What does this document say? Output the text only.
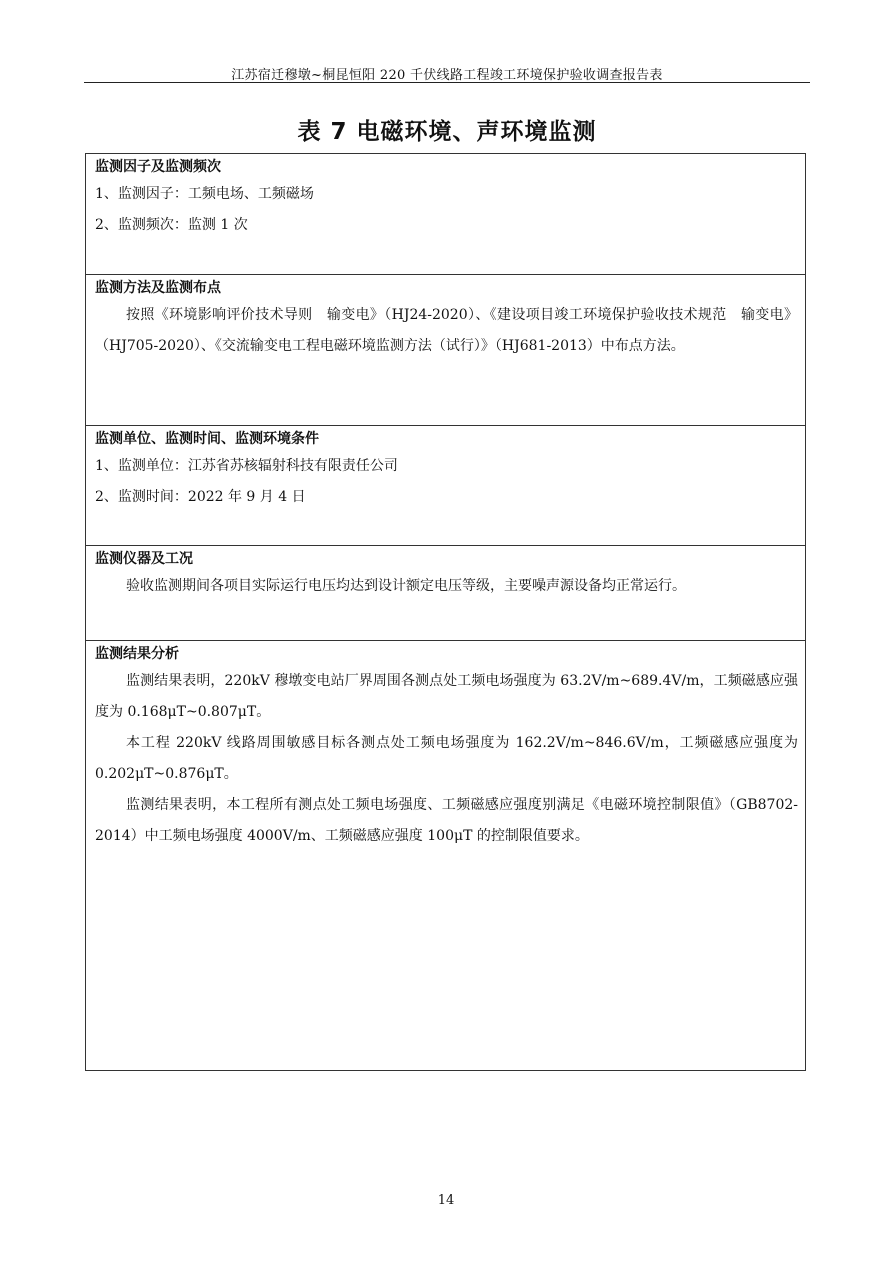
江苏宿迁穆墩~桐昆恒阳 220 千伏线路工程竣工环境保护验收调查报告表
表 7 电磁环境、声环境监测
监测因子及监测频次
1、监测因子：工频电场、工频磁场
2、监测频次：监测 1 次
监测方法及监测布点
按照《环境影响评价技术导则　输变电》（HJ24-2020）、《建设项目竣工环境保护验收技术规范　输变电》（HJ705-2020）、《交流输变电工程电磁环境监测方法（试行）》（HJ681-2013）中布点方法。
监测单位、监测时间、监测环境条件
1、监测单位：江苏省苏核辐射科技有限责任公司
2、监测时间：2022 年 9 月 4 日
监测仪器及工况
验收监测期间各项目实际运行电压均达到设计额定电压等级，主要噪声源设备均正常运行。
监测结果分析
监测结果表明，220kV 穆墩变电站厂界周围各测点处工频电场强度为 63.2V/m~689.4V/m，工频磁感应强度为 0.168μT~0.807μT。
本工程 220kV 线路周围敏感目标各测点处工频电场强度为 162.2V/m~846.6V/m，工频磁感应强度为 0.202μT~0.876μT。
监测结果表明，本工程所有测点处工频电场强度、工频磁感应强度别满足《电磁环境控制限值》（GB8702-2014）中工频电场强度 4000V/m、工频磁感应强度 100μT 的控制限值要求。
14
